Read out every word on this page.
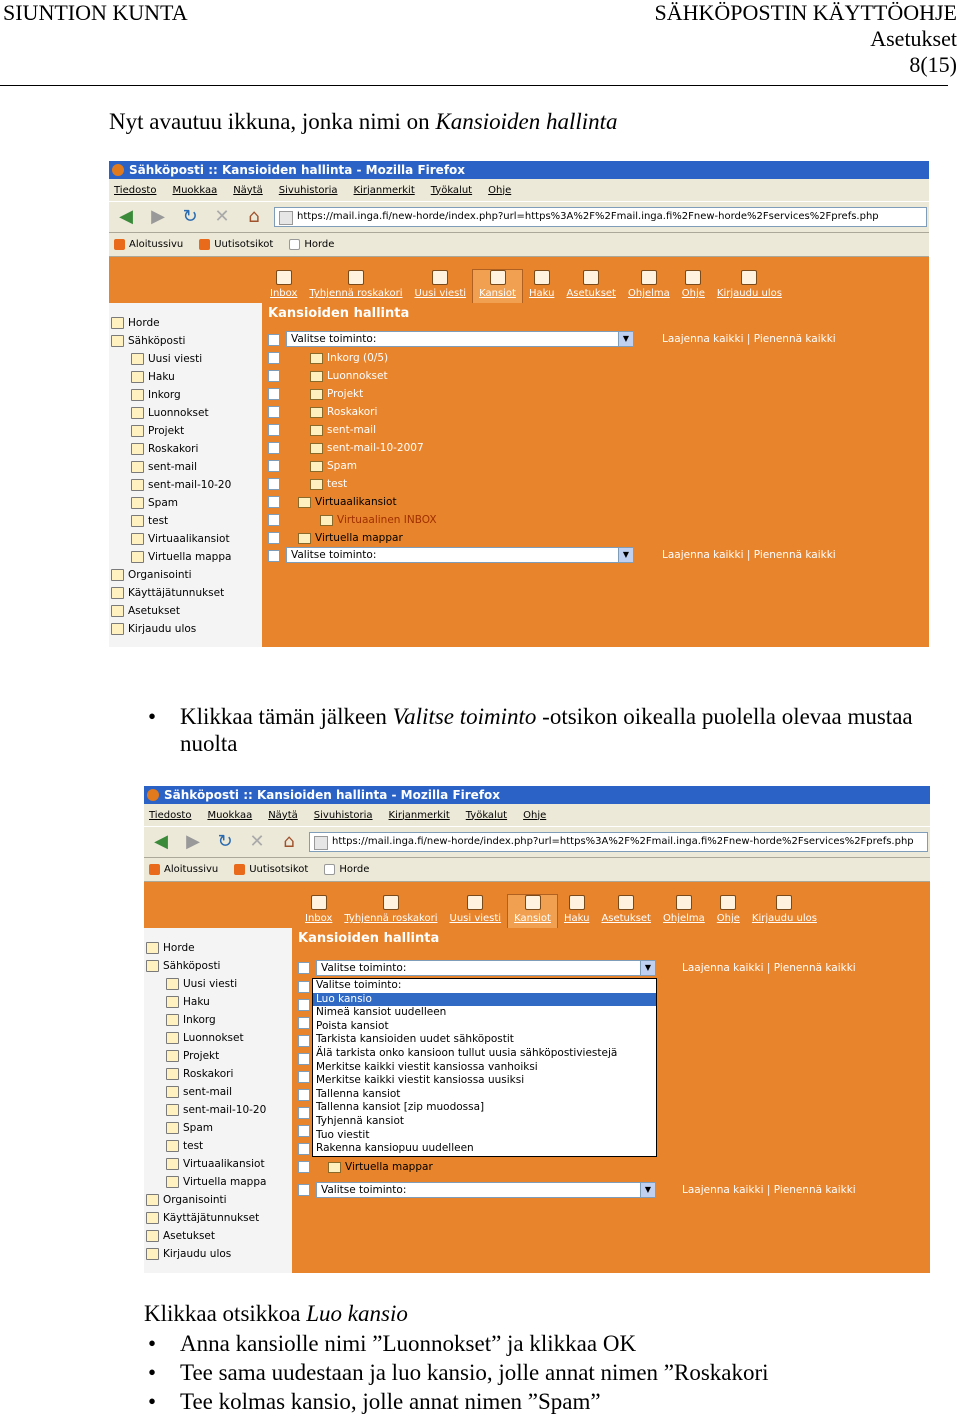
SIUNTION KUNTA	SÄHKÖPOSTIN KÄYTTÖOHJE
Asetukset
8(15)
Nyt avautuu ikkuna, jonka nimi on Kansioiden hallinta
Sähköposti :: Kansioiden hallinta - Mozilla Firefox
Tiedosto Muokkaa Näytä Sivuhistoria Kirjanmerkit Työkalut Ohje
◀ ▶ ↻ ✕	⌂	https://mail.inga.fi/new-horde/index.php?url=https%3A%2F%2Fmail.inga.fi%2Fnew-horde%2Fservices%2Fprefs.php
Aloitussivu	Uutisotsikot	Horde
Inbox	Tyhjennä roskakori	Uusi viesti	Kansiot	Haku	Asetukset	Ohjelma	Ohje	Kirjaudu ulos
Horde
Sähköposti
Uusi viesti
Haku
Inkorg
Luonnokset
Projekt
Roskakori
sent-mail
sent-mail-10-20
Spam
test
Virtuaalikansiot
Virtuella mappa
Organisointi
Käyttäjätunnukset
Asetukset
Kirjaudu ulos
Kansioiden hallinta
Valitse toiminto:	▼	Laajenna kaikki | Pienennä kaikki
Inkorg (0/5)
Luonnokset
Projekt
Roskakori
sent-mail
sent-mail-10-2007
Spam
test
Virtuaalikansiot
Virtuaalinen INBOX
Virtuella mappar
Valitse toiminto:	▼	Laajenna kaikki | Pienennä kaikki
• Klikkaa tämän jälkeen Valitse toiminto -otsikon oikealla puolella olevaa mustaa
nuolta
Sähköposti :: Kansioiden hallinta - Mozilla Firefox
Tiedosto Muokkaa Näytä Sivuhistoria Kirjanmerkit Työkalut Ohje
◀ ▶ ↻ ✕	⌂	https://mail.inga.fi/new-horde/index.php?url=https%3A%2F%2Fmail.inga.fi%2Fnew-horde%2Fservices%2Fprefs.php
Aloitussivu	Uutisotsikot	Horde
Inbox	Tyhjennä roskakori	Uusi viesti	Kansiot	Haku	Asetukset	Ohjelma	Ohje	Kirjaudu ulos
Horde
Sähköposti
Uusi viesti
Haku
Inkorg
Luonnokset
Projekt
Roskakori
sent-mail
sent-mail-10-20
Spam
test
Virtuaalikansiot
Virtuella mappa
Organisointi
Käyttäjätunnukset
Asetukset
Kirjaudu ulos
Kansioiden hallinta
Valitse toiminto:	▼	Laajenna kaikki | Pienennä kaikki
Virtuella mappar
Valitse toiminto:
Luo kansio
Nimeä kansiot uudelleen
Poista kansiot
Tarkista kansioiden uudet sähköpostit
Älä tarkista onko kansioon tullut uusia sähköpostiviestejä
Merkitse kaikki viestit kansiossa vanhoiksi
Merkitse kaikki viestit kansiossa uusiksi
Tallenna kansiot
Tallenna kansiot [zip muodossa]
Tyhjennä kansiot
Tuo viestit
Rakenna kansiopuu uudelleen
Valitse toiminto:	▼	Laajenna kaikki | Pienennä kaikki
Klikkaa otsikkoa Luo kansio
• Anna kansiolle nimi ”Luonnokset” ja klikkaa OK
• Tee sama uudestaan ja luo kansio, jolle annat nimen ”Roskakori
• Tee kolmas kansio, jolle annat nimen ”Spam”
